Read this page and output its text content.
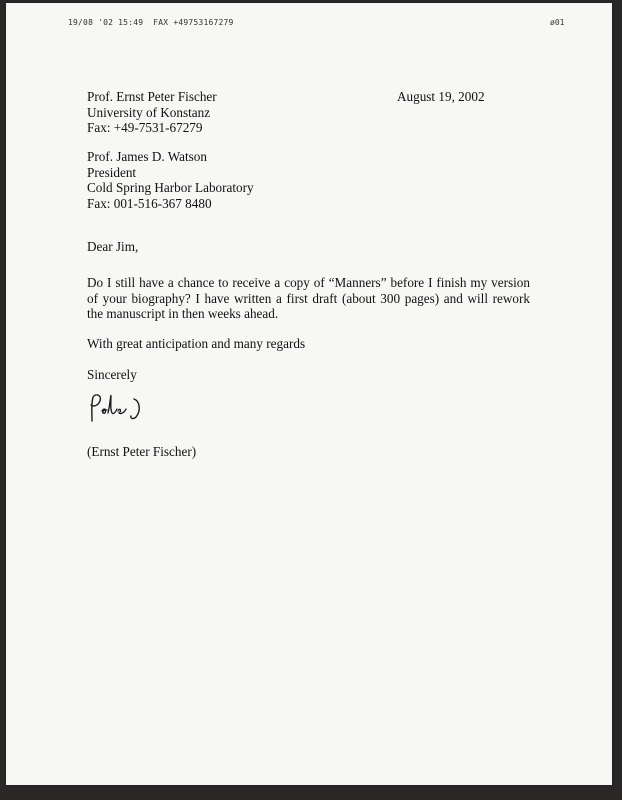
19/08 '02 15:49  FAX +49753167279	ø01
Prof. Ernst Peter Fischer
University of Konstanz
Fax: +49-7531-67279
August 19, 2002
Prof. James D. Watson
President
Cold Spring Harbor Laboratory
Fax: 001-516-367 8480
Dear Jim,
Do I still have a chance to receive a copy of “Manners” before I finish my version of your biography? I have written a first draft (about 300 pages) and will rework the manuscript in then weeks ahead.
With great anticipation and many regards
Sincerely
(Ernst Peter Fischer)
